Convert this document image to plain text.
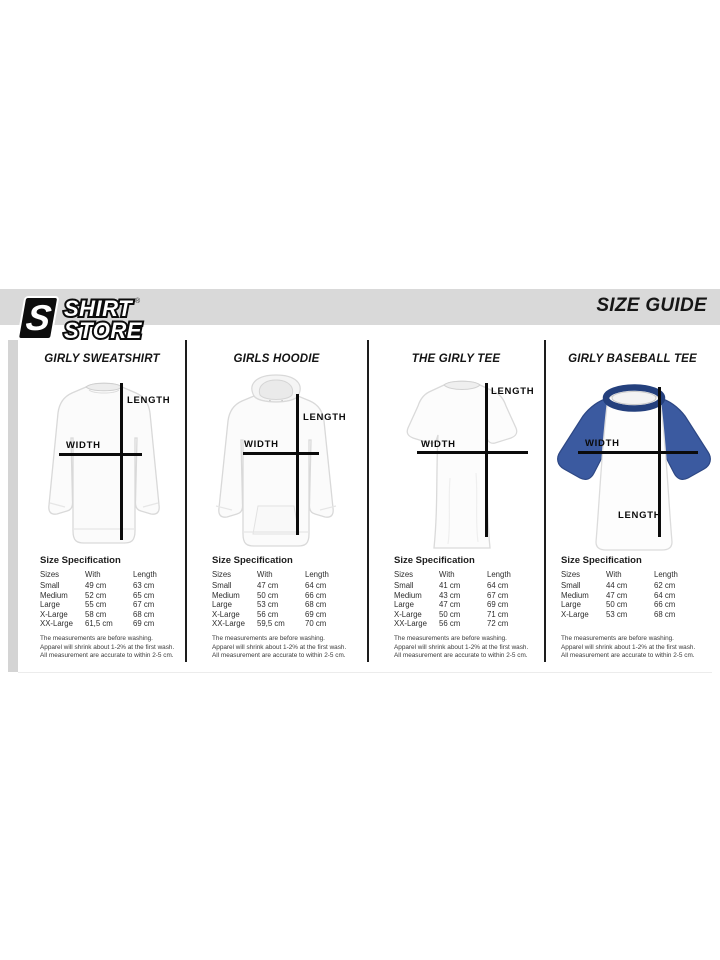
S SHIRT
STORE
®	SIZE GUIDE
GIRLY SWEATSHIRT	GIRLS HOODIE	THE GIRLY TEE	GIRLY BASEBALL TEE
WIDTH
LENGTH
WIDTH
LENGTH
WIDTH
LENGTH
WIDTH
LENGTH
Size Specification
Sizes	With	Length
Small	49 cm	63 cm
Medium	52 cm	65 cm
Large	55 cm	67 cm
X-Large	58 cm	68 cm
XX-Large	61,5 cm	69 cm
Size Specification
Sizes	With	Length
Small	47 cm	64 cm
Medium	50 cm	66 cm
Large	53 cm	68 cm
X-Large	56 cm	69 cm
XX-Large	59,5 cm	70 cm
Size Specification
Sizes	With	Length
Small	41 cm	64 cm
Medium	43 cm	67 cm
Large	47 cm	69 cm
X-Large	50 cm	71 cm
XX-Large	56 cm	72 cm
Size Specification
Sizes	With	Length
Small	44 cm	62 cm
Medium	47 cm	64 cm
Large	50 cm	66 cm
X-Large	53 cm	68 cm

The measurements are before washing.
Apparel will shrink about 1-2% at the first wash.
All measurement are accurate to within 2-5 cm.

The measurements are before washing.
Apparel will shrink about 1-2% at the first wash.
All measurement are accurate to within 2-5 cm.

The measurements are before washing.
Apparel will shrink about 1-2% at the first wash.
All measurement are accurate to within 2-5 cm.

The measurements are before washing.
Apparel will shrink about 1-2% at the first wash.
All measurement are accurate to within 2-5 cm.
